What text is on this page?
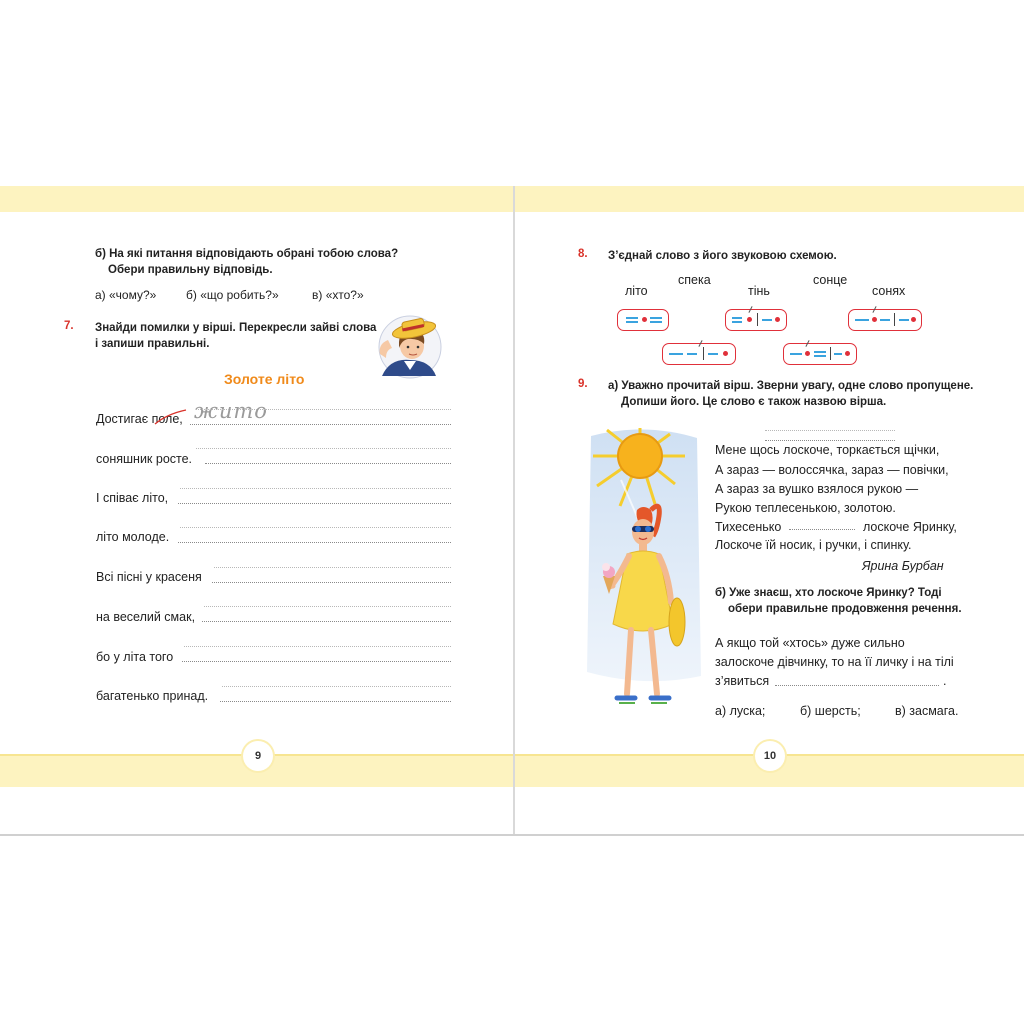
б) На які питання відповідають обрані тобою слова?
Обери правильну відповідь.
а) «чому?» б) «що робить?»	в) «хто?»
7. Знайди помилки у вірші. Перекресли зайві слова
і запиши правильні.
Золоте літо
Достигає поле, жито
соняшник росте.
І співає літо,
літо молоде.
Всі пісні у красеня
на веселий смак,
бо у літа того
багатенько принад.
9
8. З’єднай слово з його звуковою схемою.
літо
спека
тінь
сонце
сонях
9. а) Уважно прочитай вірш. Зверни увагу, одне слово пропущене.
Допиши його. Це слово є також назвою вірша.
Мене щось лоскоче, торкається щічки,
А зараз — волоссячка, зараз — повічки,
А зараз за вушко взялося рукою —
Рукою теплесенькою, золотою.
Тихесенько	лоскоче Яринку,
Лоскоче їй носик, і ручки, і спинку.
Ярина Бурбан
б) Уже знаєш, хто лоскоче Яринку? Тоді
обери правильне продовження речення.
А якщо той «хтось» дуже сильно
залоскоче дівчинку, то на її личку і на тілі
з’явиться	.
а) луска;	б) шерсть;	в) засмага.
10
